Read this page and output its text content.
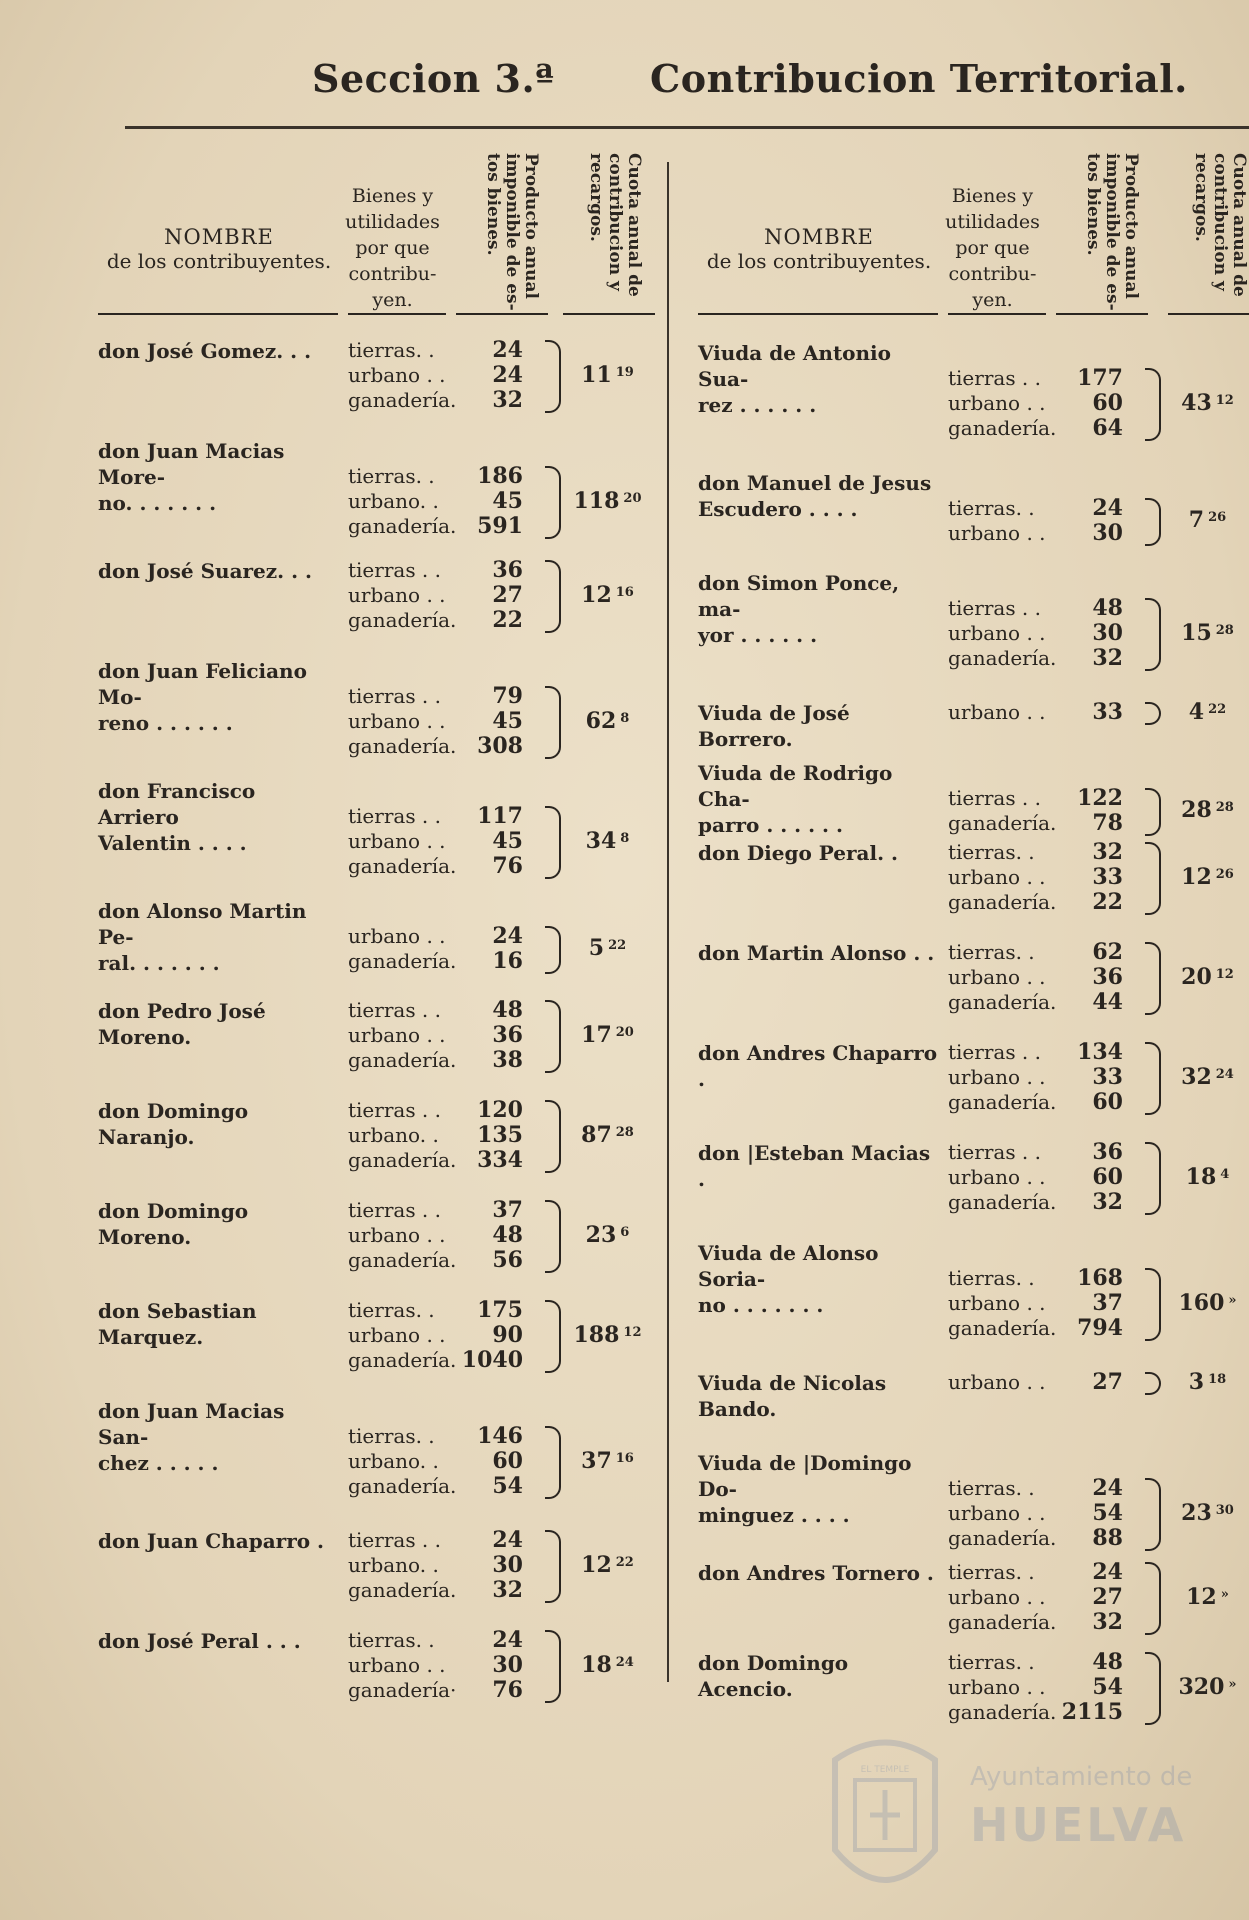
Seccion 3.ª	Contribucion Territorial.
NOMBRE
de los contribuyentes.
Bienes y utilidades por que contribu-yen.
Producto anual imponible de es-tos bienes.	Cuota anual de contribucion y recargos.
don José Gomez. . .	tierras. .	24
urbano . .	24
ganadería.	32
11 $^{19}$
don Juan Macias More-
no. . . . . . .
tierras. .	186
urbano. .	45
ganadería. 591
118 $^{20}$
don José Suarez. . .	tierras . .	36
urbano . .	27
ganadería.	22
12 $^{16}$
don Juan Feliciano Mo-
reno . . . . . .
tierras . .	79
urbano . .	45
ganadería. 308
62 $^8$
don Francisco Arriero
Valentin . . . .
tierras . .	117
urbano . .	45
ganadería.	76
34 $^8$
don Alonso Martin Pe-
ral. . . . . . .
urbano . .	24
ganadería.	16	5 $^{22}$
don Pedro José Moreno.
tierras . .	48
urbano . .	36
ganadería.	38
17 $^{20}$
don Domingo Naranjo.
tierras . .	120
urbano. .	135
ganadería. 334
87 $^{28}$
don Domingo Moreno.
tierras . .	37
urbano . .	48
ganadería.	56
23 $^6$
don Sebastian Marquez.
tierras. .	175
urbano . .	90
ganadería. 1040
188 $^{12}$
don Juan Macias San-
chez . . . . .
tierras. .	146
urbano. .	60
ganadería.	54
37 $^{16}$
don Juan Chaparro .	tierras . .	24
urbano. .	30
ganadería.	32
12 $^{22}$
don José Peral . . .	tierras. .	24
urbano . .	30
ganadería·	76
18 $^{24}$
NOMBRE
de los contribuyentes.
Bienes y utilidades por que contribu-yen.
Producto anual imponible de es-tos bienes.	Cuota anual de contribucion y recargos.
Viuda de Antonio Sua-
rez . . . . . .
tierras . .	177
urbano . .	60
ganadería.	64
43 $^{12}$
don Manuel de Jesus
Escudero . . . .	tierras. .	24
urbano . .	30	7 $^{26}$
don Simon Ponce, ma-
yor . . . . . .
tierras . .	48
urbano . .	30
ganadería.	32
15 $^{28}$
Viuda de José Borrero.
urbano . .	33	4 $^{22}$
Viuda de Rodrigo Cha-
parro . . . . . .
tierras . .	122
ganadería.	78	28 $^{28}$
don Diego Peral. .	tierras. .	32
urbano . .	33
ganadería.	22
12 $^{26}$
don Martin Alonso . . tierras. .	62
urbano . .	36
ganadería.	44
20 $^{12}$
don Andres Chaparro .
tierras . .	134
urbano . .	33
ganadería.	60
32 $^{24}$
don |Esteban Macias .
tierras . .	36
urbano . .	60
ganadería.	32
18 $^4$
Viuda de Alonso Soria-
no . . . . . . .
tierras. .	168
urbano . .	37
ganadería. 794
160 »
Viuda de Nicolas Bando.
urbano . .	27	3 $^{18}$
Viuda de |Domingo Do-
minguez . . . .
tierras. .	24
urbano . .	54
ganadería.	88
23 $^{30}$
don Andres Tornero . tierras. .	24
urbano . .	27
ganadería.	32
12 »
don Domingo Acencio.
tierras. .	48
urbano . .	54
ganadería. 2115
320 »
EL TEMPLE Ayuntamiento de
HUELVA
